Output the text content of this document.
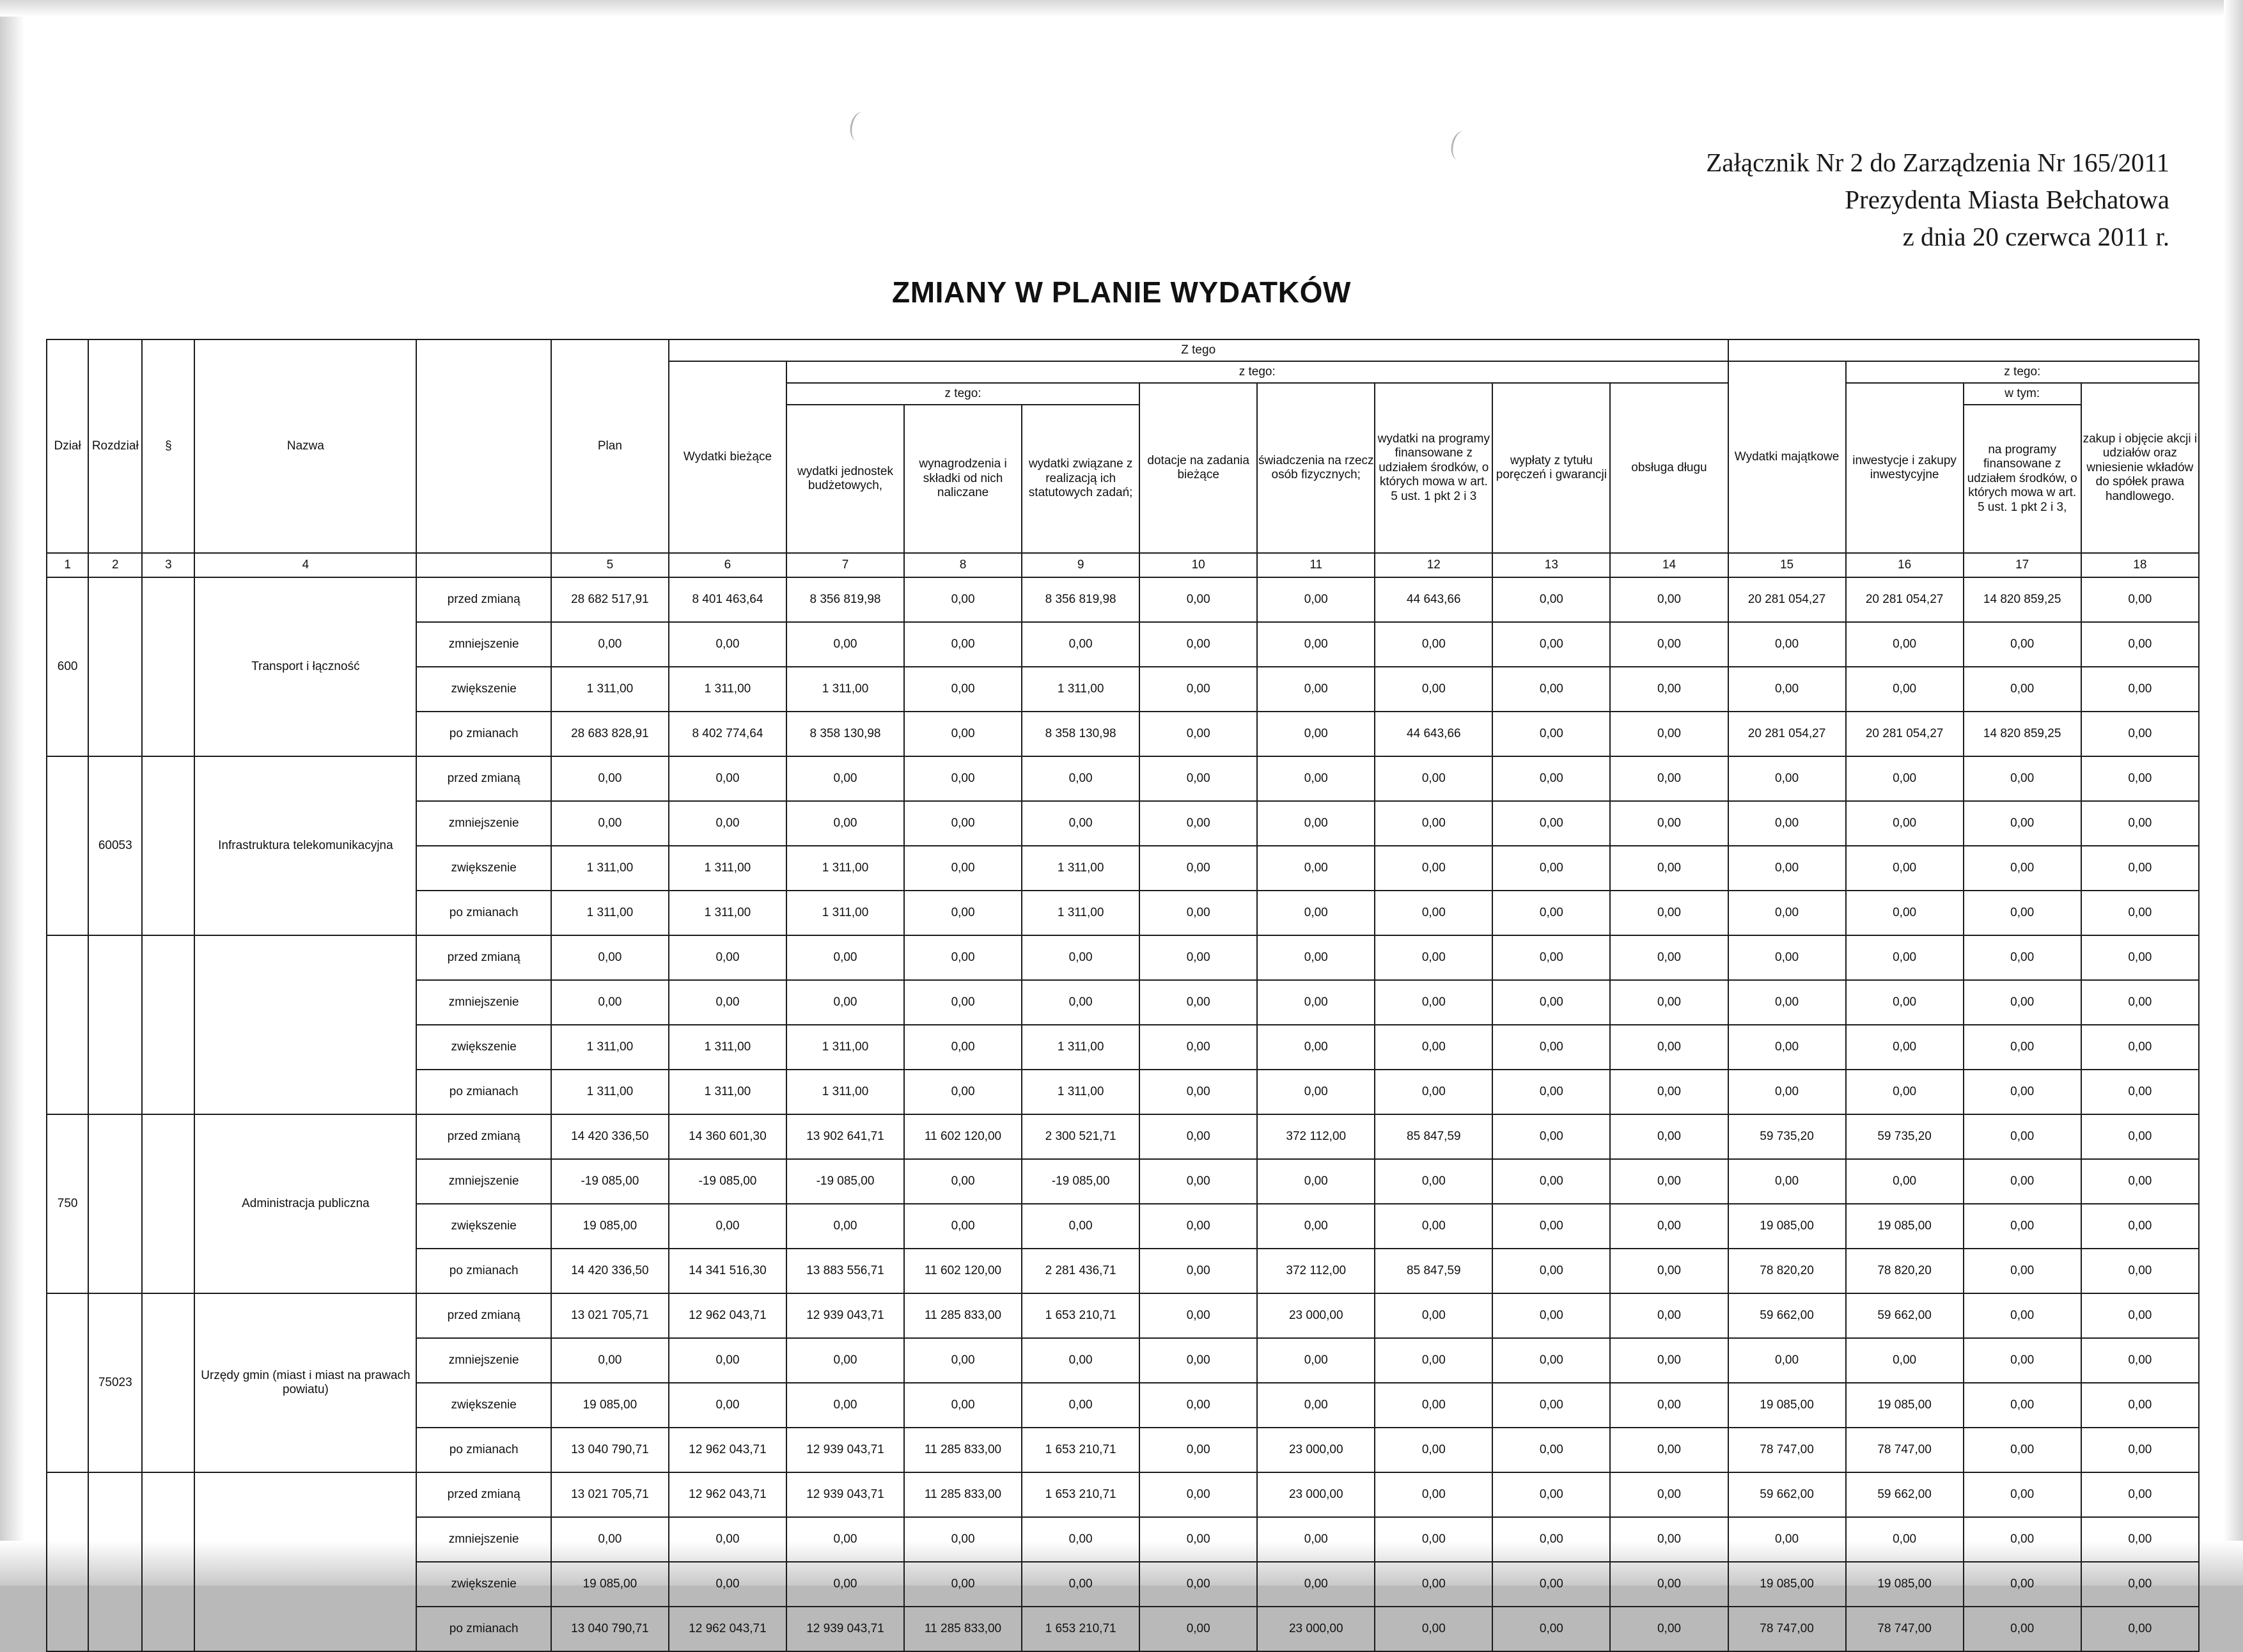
Załącznik Nr 2 do Zarządzenia Nr 165/2011
Prezydenta Miasta Bełchatowa
z dnia 20 czerwca 2011 r.
ZMIANY W PLANIE WYDATKÓW
Dział	Rozdział	§	Nazwa		Plan	Z tego												
						Wydatki bieżące	z tego:								Wydatki majątkowe	z tego:		
							z tego:			dotacje na zadania bieżące	świadczenia na rzecz osób fizycznych;	wydatki na programy finansowane z udziałem środków, o których mowa w art. 5 ust. 1 pkt 2 i 3	wypłaty z tytułu poręczeń i gwarancji	obsługa długu		inwestycje i zakupy inwestycyjne	w tym:	zakup i objęcie akcji i udziałów oraz wniesienie wkładów do spółek prawa handlowego.
							wydatki jednostek budżetowych,	wynagrodzenia i składki od nich naliczane	wydatki związane z realizacją ich statutowych zadań;								na programy finansowane z udziałem środków, o których mowa w art. 5 ust. 1 pkt 2 i 3,	
1	2	3	4		5	6	7	8	9	10	11	12	13	14	15	16	17	18
600			Transport i łączność	przed zmianą	28 682 517,91	8 401 463,64	8 356 819,98	0,00	8 356 819,98	0,00	0,00	44 643,66	0,00	0,00	20 281 054,27	20 281 054,27	14 820 859,25	0,00
				zmniejszenie	0,00	0,00	0,00	0,00	0,00	0,00	0,00	0,00	0,00	0,00	0,00	0,00	0,00	0,00
				zwiększenie	1 311,00	1 311,00	1 311,00	0,00	1 311,00	0,00	0,00	0,00	0,00	0,00	0,00	0,00	0,00	0,00
				po zmianach	28 683 828,91	8 402 774,64	8 358 130,98	0,00	8 358 130,98	0,00	0,00	44 643,66	0,00	0,00	20 281 054,27	20 281 054,27	14 820 859,25	0,00
	60053		Infrastruktura telekomunikacyjna	przed zmianą	0,00	0,00	0,00	0,00	0,00	0,00	0,00	0,00	0,00	0,00	0,00	0,00	0,00	0,00
				zmniejszenie	0,00	0,00	0,00	0,00	0,00	0,00	0,00	0,00	0,00	0,00	0,00	0,00	0,00	0,00
				zwiększenie	1 311,00	1 311,00	1 311,00	0,00	1 311,00	0,00	0,00	0,00	0,00	0,00	0,00	0,00	0,00	0,00
				po zmianach	1 311,00	1 311,00	1 311,00	0,00	1 311,00	0,00	0,00	0,00	0,00	0,00	0,00	0,00	0,00	0,00
				przed zmianą	0,00	0,00	0,00	0,00	0,00	0,00	0,00	0,00	0,00	0,00	0,00	0,00	0,00	0,00
				zmniejszenie	0,00	0,00	0,00	0,00	0,00	0,00	0,00	0,00	0,00	0,00	0,00	0,00	0,00	0,00
				zwiększenie	1 311,00	1 311,00	1 311,00	0,00	1 311,00	0,00	0,00	0,00	0,00	0,00	0,00	0,00	0,00	0,00
				po zmianach	1 311,00	1 311,00	1 311,00	0,00	1 311,00	0,00	0,00	0,00	0,00	0,00	0,00	0,00	0,00	0,00
750			Administracja publiczna	przed zmianą	14 420 336,50	14 360 601,30	13 902 641,71	11 602 120,00	2 300 521,71	0,00	372 112,00	85 847,59	0,00	0,00	59 735,20	59 735,20	0,00	0,00
				zmniejszenie	-19 085,00	-19 085,00	-19 085,00	0,00	-19 085,00	0,00	0,00	0,00	0,00	0,00	0,00	0,00	0,00	0,00
				zwiększenie	19 085,00	0,00	0,00	0,00	0,00	0,00	0,00	0,00	0,00	0,00	19 085,00	19 085,00	0,00	0,00
				po zmianach	14 420 336,50	14 341 516,30	13 883 556,71	11 602 120,00	2 281 436,71	0,00	372 112,00	85 847,59	0,00	0,00	78 820,20	78 820,20	0,00	0,00
	75023		Urzędy gmin (miast i miast na prawach powiatu)	przed zmianą	13 021 705,71	12 962 043,71	12 939 043,71	11 285 833,00	1 653 210,71	0,00	23 000,00	0,00	0,00	0,00	59 662,00	59 662,00	0,00	0,00
				zmniejszenie	0,00	0,00	0,00	0,00	0,00	0,00	0,00	0,00	0,00	0,00	0,00	0,00	0,00	0,00
				zwiększenie	19 085,00	0,00	0,00	0,00	0,00	0,00	0,00	0,00	0,00	0,00	19 085,00	19 085,00	0,00	0,00
				po zmianach	13 040 790,71	12 962 043,71	12 939 043,71	11 285 833,00	1 653 210,71	0,00	23 000,00	0,00	0,00	0,00	78 747,00	78 747,00	0,00	0,00
				przed zmianą	13 021 705,71	12 962 043,71	12 939 043,71	11 285 833,00	1 653 210,71	0,00	23 000,00	0,00	0,00	0,00	59 662,00	59 662,00	0,00	0,00
				zmniejszenie	0,00	0,00	0,00	0,00	0,00	0,00	0,00	0,00	0,00	0,00	0,00	0,00	0,00	0,00
				zwiększenie	19 085,00	0,00	0,00	0,00	0,00	0,00	0,00	0,00	0,00	0,00	19 085,00	19 085,00	0,00	0,00
				po zmianach	13 040 790,71	12 962 043,71	12 939 043,71	11 285 833,00	1 653 210,71	0,00	23 000,00	0,00	0,00	0,00	78 747,00	78 747,00	0,00	0,00
